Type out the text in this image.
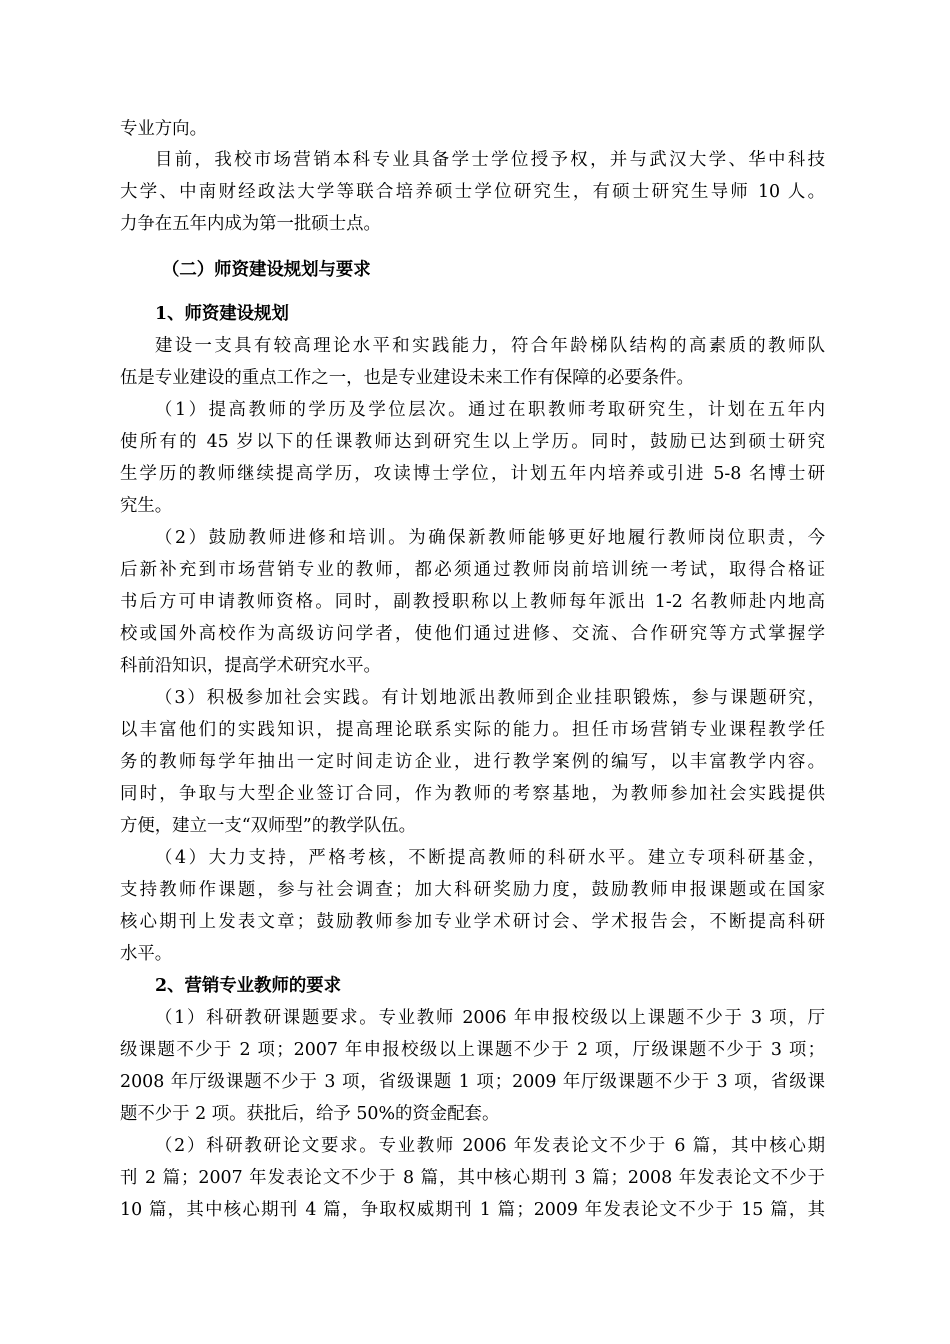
专业方向。
目前，我校市场营销本科专业具备学士学位授予权，并与武汉大学、华中科技
大学、中南财经政法大学等联合培养硕士学位研究生，有硕士研究生导师 10 人。
力争在五年内成为第一批硕士点。
（二）师资建设规划与要求
1、师资建设规划
建设一支具有较高理论水平和实践能力，符合年龄梯队结构的高素质的教师队
伍是专业建设的重点工作之一，也是专业建设未来工作有保障的必要条件。
（1）提高教师的学历及学位层次。通过在职教师考取研究生，计划在五年内
使所有的 45 岁以下的任课教师达到研究生以上学历。同时，鼓励已达到硕士研究
生学历的教师继续提高学历，攻读博士学位，计划五年内培养或引进 5-8 名博士研
究生。
（2）鼓励教师进修和培训。为确保新教师能够更好地履行教师岗位职责，今
后新补充到市场营销专业的教师，都必须通过教师岗前培训统一考试，取得合格证
书后方可申请教师资格。同时，副教授职称以上教师每年派出 1-2 名教师赴内地高
校或国外高校作为高级访问学者，使他们通过进修、交流、合作研究等方式掌握学
科前沿知识，提高学术研究水平。
（3）积极参加社会实践。有计划地派出教师到企业挂职锻炼，参与课题研究，
以丰富他们的实践知识，提高理论联系实际的能力。担任市场营销专业课程教学任
务的教师每学年抽出一定时间走访企业，进行教学案例的编写，以丰富教学内容。
同时，争取与大型企业签订合同，作为教师的考察基地，为教师参加社会实践提供
方便，建立一支“双师型”的教学队伍。
（4）大力支持，严格考核，不断提高教师的科研水平。建立专项科研基金，
支持教师作课题，参与社会调查；加大科研奖励力度，鼓励教师申报课题或在国家
核心期刊上发表文章；鼓励教师参加专业学术研讨会、学术报告会，不断提高科研
水平。
2、营销专业教师的要求
（1）科研教研课题要求。专业教师 2006 年申报校级以上课题不少于 3 项，厅
级课题不少于 2 项；2007 年申报校级以上课题不少于 2 项，厅级课题不少于 3 项；
2008 年厅级课题不少于 3 项，省级课题 1 项；2009 年厅级课题不少于 3 项，省级课
题不少于 2 项。获批后，给予 50%的资金配套。
（2）科研教研论文要求。专业教师 2006 年发表论文不少于 6 篇，其中核心期
刊 2 篇；2007 年发表论文不少于 8 篇，其中核心期刊 3 篇；2008 年发表论文不少于
10 篇，其中核心期刊 4 篇，争取权威期刊 1 篇；2009 年发表论文不少于 15 篇，其
